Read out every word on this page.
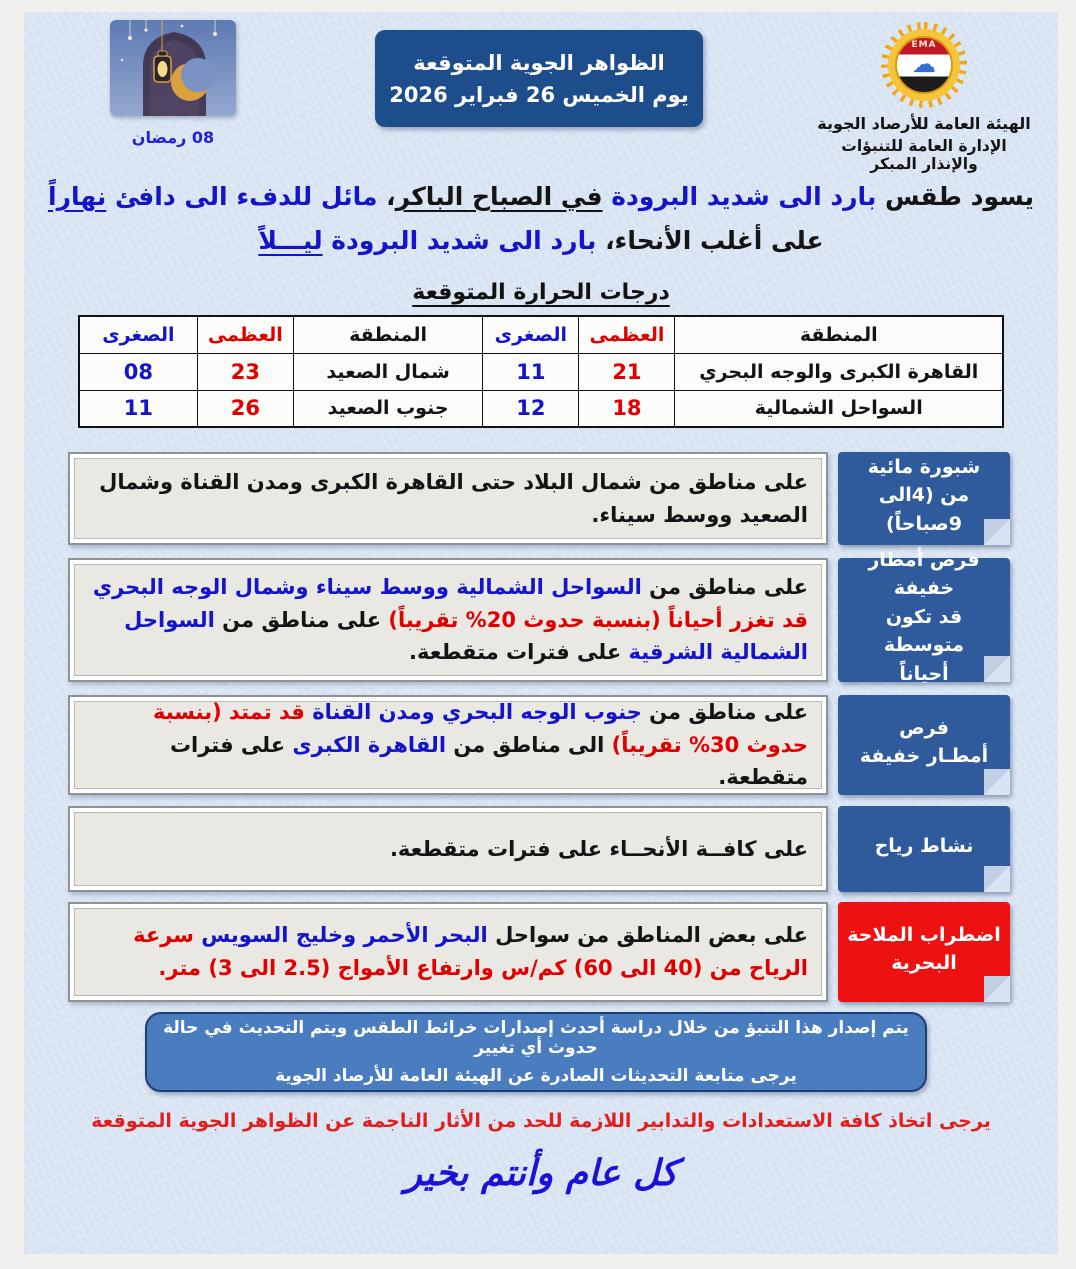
08 رمضان
الظواهر الجوية المتوقعة
يوم الخميس 26 فبراير 2026
EMA
☁
الهيئة العامة للأرصاد الجوية
الإدارة العامة للتنبؤات والإنذار المبكر
يسود طقس بارد الى شديد البرودة في الصباح الباكر، مائل للدفء الى دافئ نهاراً
على أغلب الأنحاء، بارد الى شديد البرودة ليـــلاً
درجات الحرارة المتوقعة
المنطقة	العظمى	الصغرى	المنطقة	العظمى	الصغرى
القاهرة الكبرى والوجه البحري	21	11	شمال الصعيد	23	08
السواحل الشمالية	18	12	جنوب الصعيد	26	11
شبورة مائية
من (4الى 9صباحاً)

على مناطق من شمال البلاد حتى القاهرة الكبرى ومدن القناة وشمال الصعيد ووسط سيناء.

فرص أمطار خفيفة
قد تكون متوسطة
أحياناً

على مناطق من السواحل الشمالية ووسط سيناء وشمال الوجه البحري قد تغزر أحياناً (بنسبة حدوث 20% تقريباً) على مناطق من السواحل الشمالية الشرقية على فترات متقطعة.

فرص
أمطـار خفيفة

على مناطق من جنوب الوجه البحري ومدن القناة قد تمتد (بنسبة حدوث 30% تقريباً) الى مناطق من القاهرة الكبرى على فترات متقطعة.

نشاط رياح

على كافــة الأنحــاء على فترات متقطعة.

اضطراب الملاحة
البحرية

على بعض المناطق من سواحل البحر الأحمر وخليج السويس سرعة الرياح من (40 الى 60) كم/س وارتفاع الأمواج (2.5 الى 3) متر.

يتم إصدار هذا التنبؤ من خلال دراسة أحدث إصدارات خرائط الطقس ويتم التحديث في حالة حدوث أي تغيير
يرجى متابعة التحديثات الصادرة عن الهيئة العامة للأرصاد الجوية
يرجى اتخاذ كافة الاستعدادات والتدابير اللازمة للحد من الأثار الناجمة عن الظواهر الجوية المتوقعة
كل عام وأنتم بخير
